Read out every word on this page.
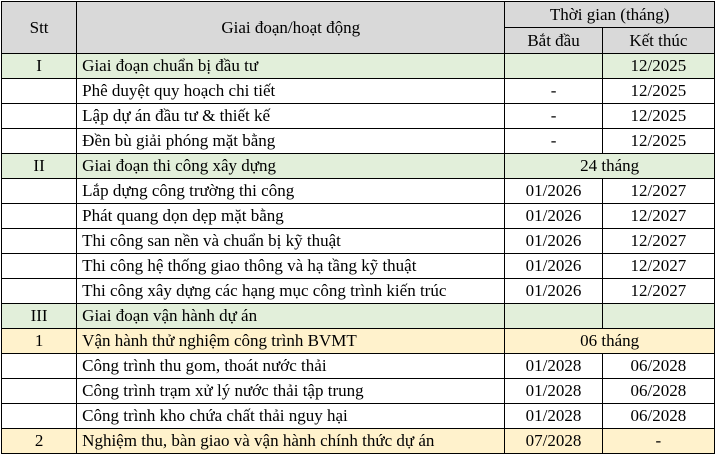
Stt	Giai đoạn/hoạt động	Thời gian (tháng)	
		Bắt đầu	Kết thúc
I	Giai đoạn chuẩn bị đầu tư		12/2025
	Phê duyệt quy hoạch chi tiết	-	12/2025
	Lập dự án đầu tư & thiết kế	-	12/2025
	Đền bù giải phóng mặt bằng	-	12/2025
II	Giai đoạn thi công xây dựng	24 tháng	
	Lắp dựng công trường thi công	01/2026	12/2027
	Phát quang dọn dẹp mặt bằng	01/2026	12/2027
	Thi công san nền và chuẩn bị kỹ thuật	01/2026	12/2027
	Thi công hệ thống giao thông và hạ tầng kỹ thuật	01/2026	12/2027
	Thi công xây dựng các hạng mục công trình kiến trúc	01/2026	12/2027
III	Giai đoạn vận hành dự án		
1	Vận hành thử nghiệm công trình BVMT	06 tháng	
	Công trình thu gom, thoát nước thải	01/2028	06/2028
	Công trình trạm xử lý nước thải tập trung	01/2028	06/2028
	Công trình kho chứa chất thải nguy hại	01/2028	06/2028
2	Nghiệm thu, bàn giao và vận hành chính thức dự án	07/2028	-
